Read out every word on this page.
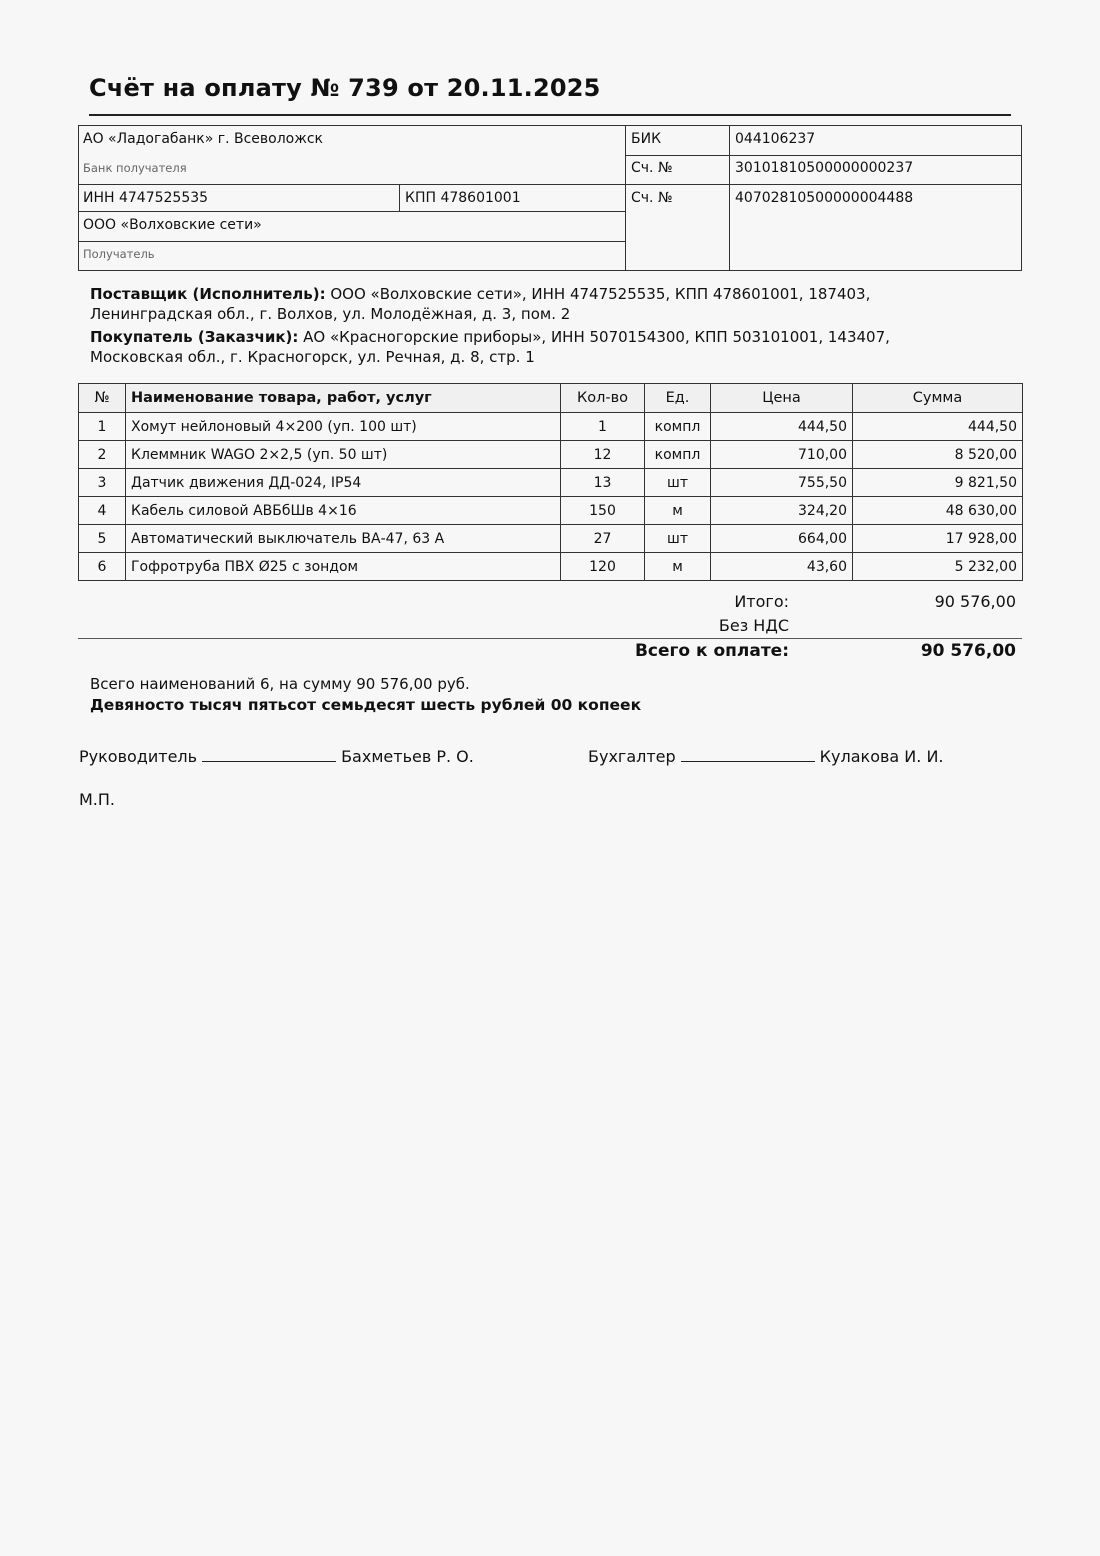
Счёт на оплату № 739 от 20.11.2025
АО «Ладогабанк» г. Всеволожск
Банк получателя
БИК	044106237
Сч. №	30101810500000000237
ИНН 4747525535	КПП 478601001	Сч. №	40702810500000004488
ООО «Волховские сети»
Получатель
Поставщик (Исполнитель): ООО «Волховские сети», ИНН 4747525535, КПП 478601001, 187403,
Ленинградская обл., г. Волхов, ул. Молодёжная, д. 3, пом. 2
Покупатель (Заказчик): АО «Красногорские приборы», ИНН 5070154300, КПП 503101001, 143407,
Московская обл., г. Красногорск, ул. Речная, д. 8, стр. 1
№	Наименование товара, работ, услуг	Кол-во	Ед.	Цена	Сумма
1	Хомут нейлоновый 4×200 (уп. 100 шт)	1	компл	444,50	444,50
2	Клеммник WAGO 2×2,5 (уп. 50 шт)	12	компл	710,00	8 520,00
3	Датчик движения ДД-024, IP54	13	шт	755,50	9 821,50
4	Кабель силовой АВБбШв 4×16	150	м	324,20	48 630,00
5	Автоматический выключатель ВА-47, 63 А	27	шт	664,00	17 928,00
6	Гофротруба ПВХ Ø25 с зондом	120	м	43,60	5 232,00
Итого:	90 576,00
Без НДС
Всего к оплате:	90 576,00
Всего наименований 6, на сумму 90 576,00 руб.
Девяносто тысяч пятьсот семьдесят шесть рублей 00 копеек
Руководитель	Бахметьев Р. О.	Бухгалтер	Кулакова И. И.
М.П.
